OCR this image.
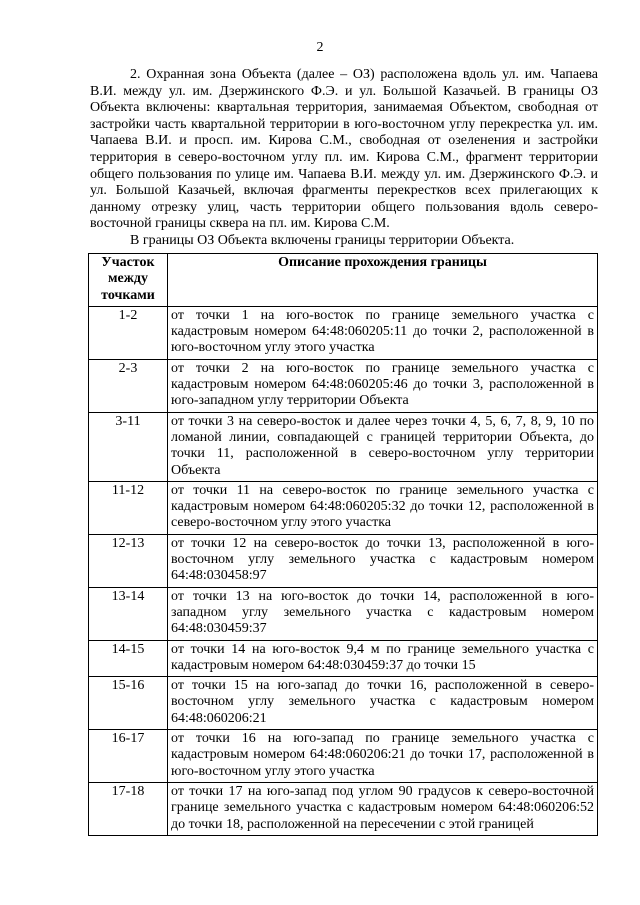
2

2. Охранная зона Объекта (далее – ОЗ) расположена вдоль ул. им. Чапаева В.И. между ул. им. Дзержинского Ф.Э. и ул. Большой Казачьей. В границы ОЗ Объекта включены: квартальная территория, занимаемая Объектом, свободная от застройки часть квартальной территории в юго-восточном углу перекрестка ул. им. Чапаева В.И. и просп. им. Кирова С.М., свободная от озеленения и застройки территория в северо-восточном углу пл. им. Кирова С.М., фрагмент территории общего пользования по улице им. Чапаева В.И. между ул. им. Дзержинского Ф.Э. и ул. Большой Казачьей, включая фрагменты перекрестков всех прилегающих к данному отрезку улиц, часть территории общего пользования вдоль северо-восточной границы сквера на пл. им. Кирова С.М.

В границы ОЗ Объекта включены границы территории Объекта.

Участок между точками	Описание прохождения границы
1-2	от точки 1 на юго-восток по границе земельного участка с кадастровым номером 64:48:060205:11 до точки 2, расположенной в юго-восточном углу этого участка
2-3	от точки 2 на юго-восток по границе земельного участка с кадастровым номером 64:48:060205:46 до точки 3, расположенной в юго-западном углу территории Объекта
3-11	от точки 3 на северо-восток и далее через точки 4, 5, 6, 7, 8, 9, 10 по ломаной линии, совпадающей с границей территории Объекта, до точки 11, расположенной в северо-восточном углу территории Объекта
11-12	от точки 11 на северо-восток по границе земельного участка с кадастровым номером 64:48:060205:32 до точки 12, расположенной в северо-восточном углу этого участка
12-13	от точки 12 на северо-восток до точки 13, расположенной в юго-восточном углу земельного участка с кадастровым номером 64:48:030458:97
13-14	от точки 13 на юго-восток до точки 14, расположенной в юго-западном углу земельного участка с кадастровым номером 64:48:030459:37
14-15	от точки 14 на юго-восток 9,4 м по границе земельного участка с кадастровым номером 64:48:030459:37 до точки 15
15-16	от точки 15 на юго-запад до точки 16, расположенной в северо-восточном углу земельного участка с кадастровым номером 64:48:060206:21
16-17	от точки 16 на юго-запад по границе земельного участка с кадастровым номером 64:48:060206:21 до точки 17, расположенной в юго-восточном углу этого участка
17-18	от точки 17 на юго-запад под углом 90 градусов к северо-восточной границе земельного участка с кадастровым номером 64:48:060206:52 до точки 18, расположенной на пересечении с этой границей
